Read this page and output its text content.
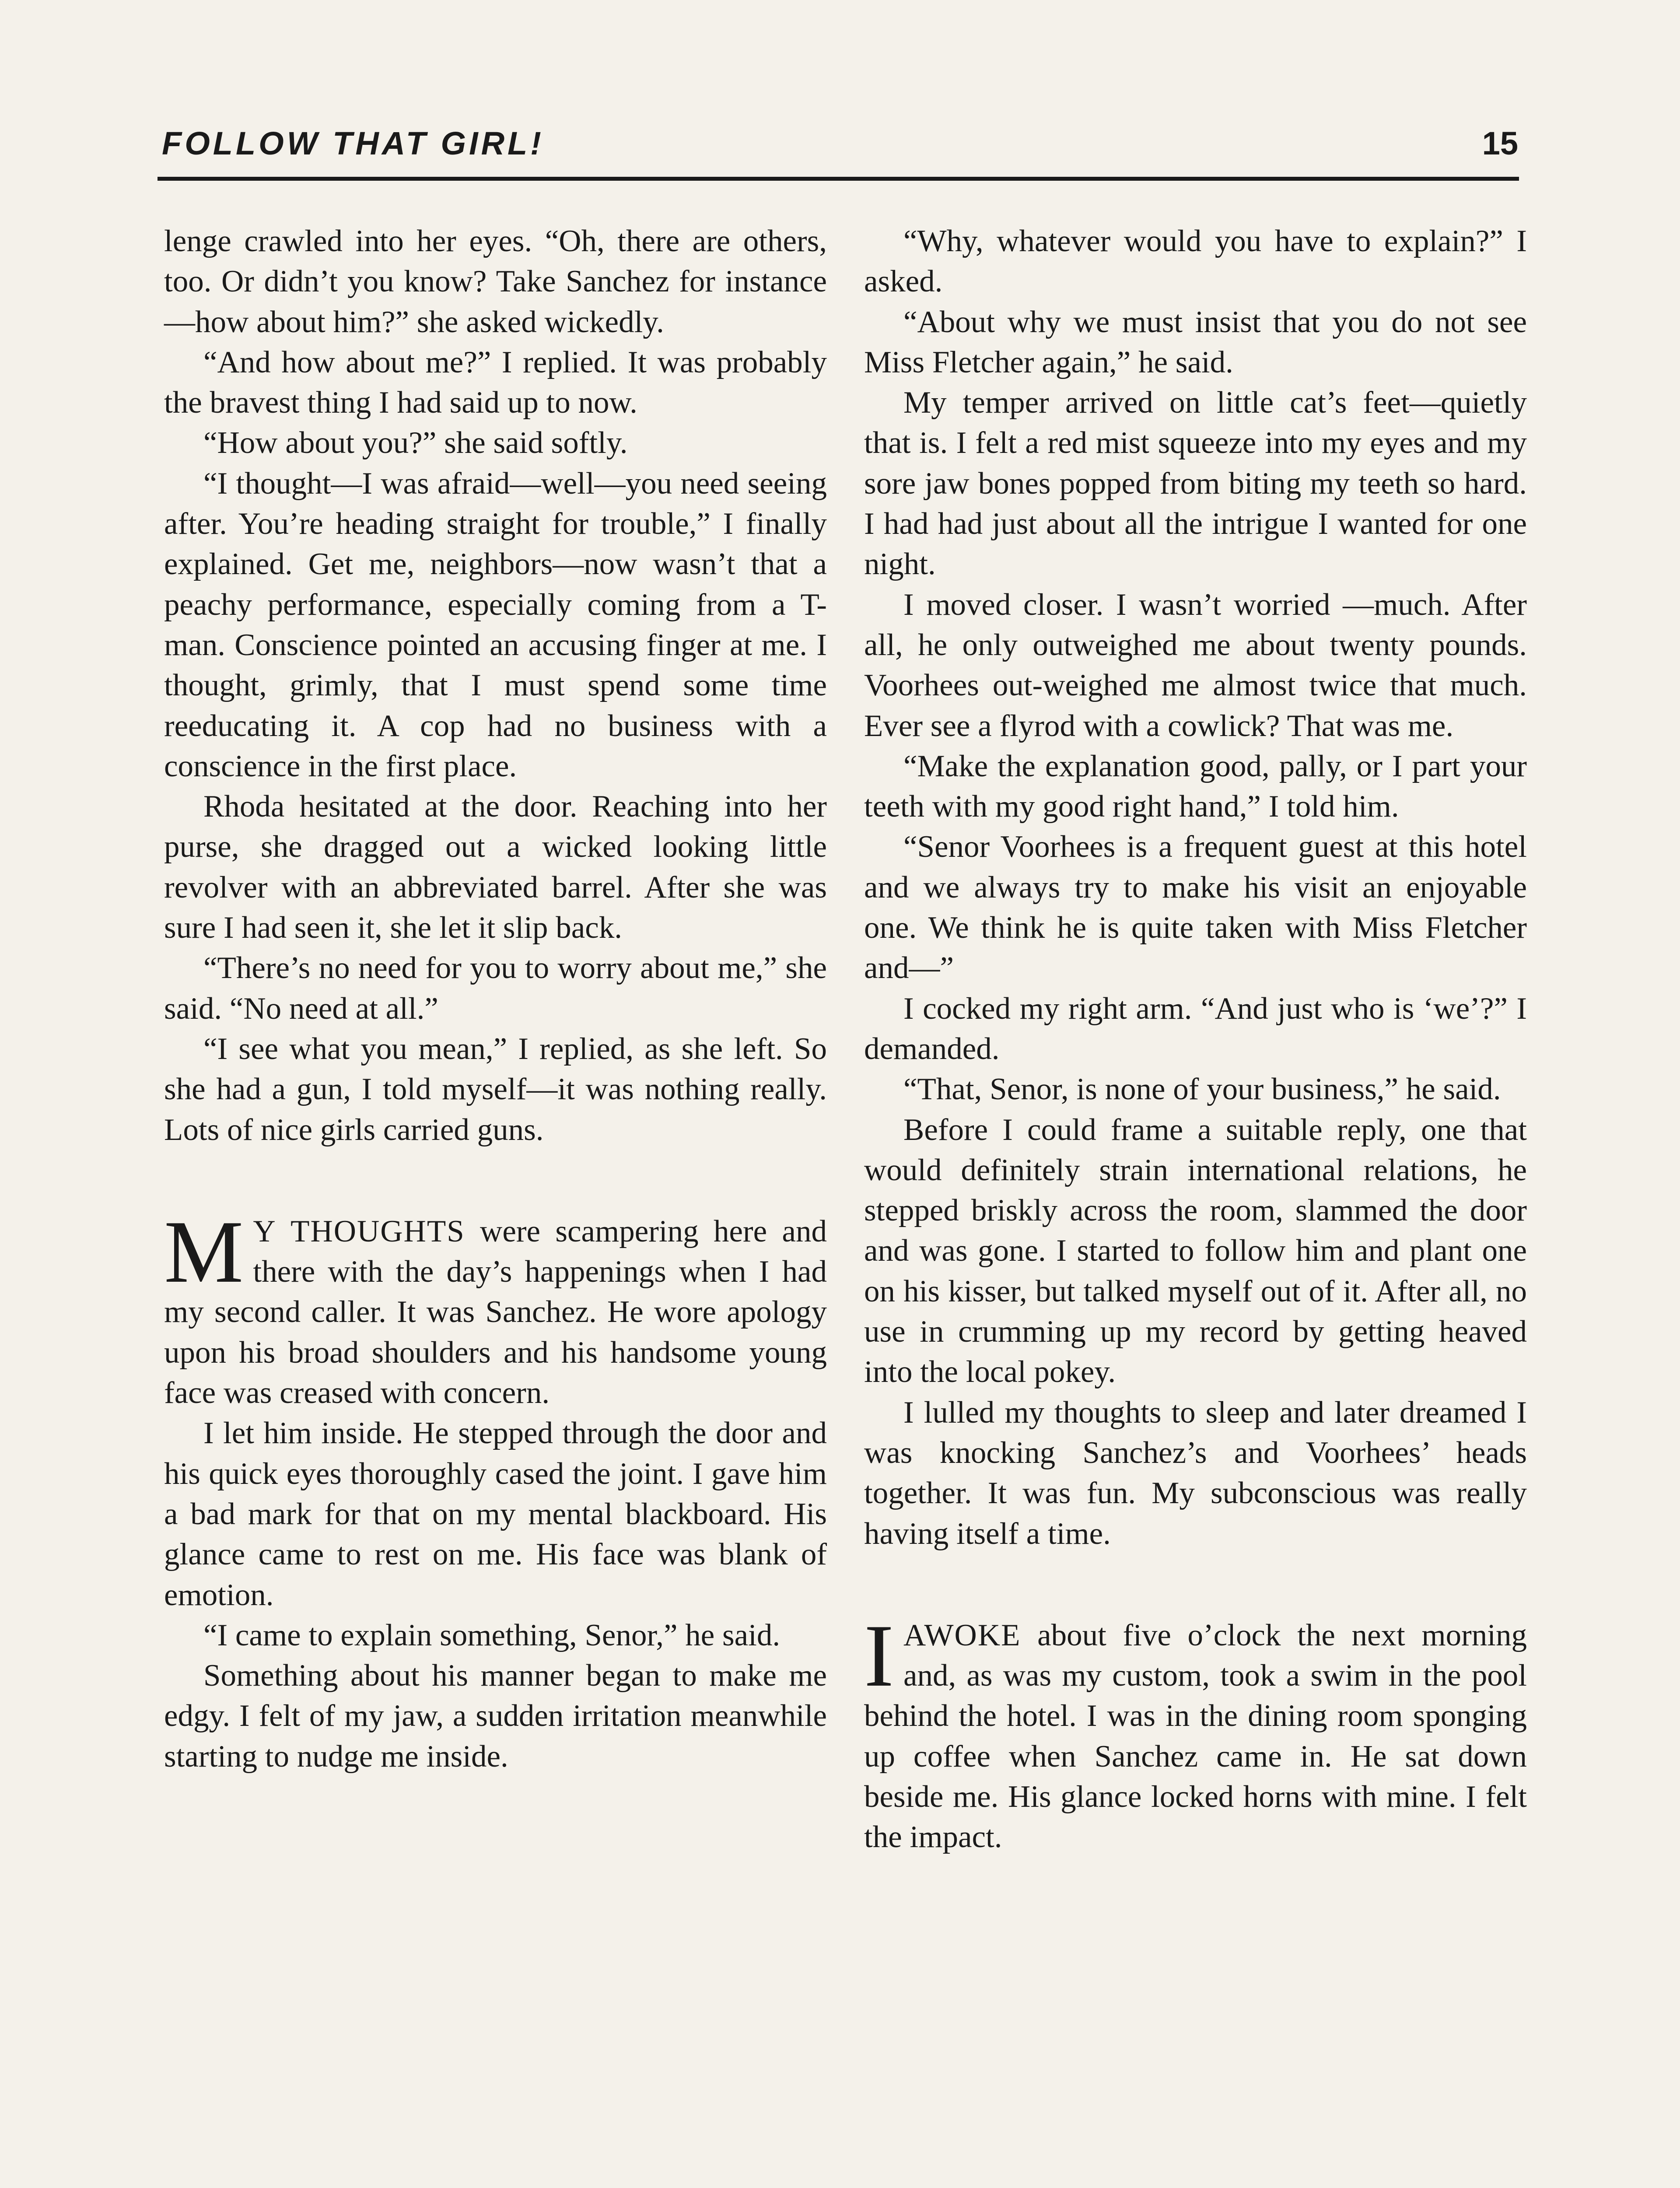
FOLLOW THAT GIRL!	15

lenge crawled into her eyes. “Oh, there are others, too. Or didn’t you know? Take Sanchez for instance—how about him?” she asked wickedly.

“And how about me?” I replied. It was probably the bravest thing I had said up to now.

“How about you?” she said softly.

“I thought—I was afraid—well—you need seeing after. You’re heading straight for trouble,” I finally explained. Get me, neighbors—now wasn’t that a peachy performance, especially coming from a T-man. Conscience pointed an accusing finger at me. I thought, grimly, that I must spend some time reeducating it. A cop had no business with a conscience in the first place.

Rhoda hesitated at the door. Reaching into her purse, she dragged out a wicked looking little revolver with an abbreviated barrel. After she was sure I had seen it, she let it slip back.

“There’s no need for you to worry about me,” she said. “No need at all.”

“I see what you mean,” I replied, as she left. So she had a gun, I told myself—it was nothing really. Lots of nice girls carried guns.

M Y THOUGHTS were scampering here and there with the day’s happenings when I had my second caller. It was Sanchez. He wore apology upon his broad shoulders and his handsome young face was creased with concern.

I let him inside. He stepped through the door and his quick eyes thoroughly cased the joint. I gave him a bad mark for that on my mental blackboard. His glance came to rest on me. His face was blank of emotion.

“I came to explain something, Senor,” he said.

Something about his manner began to make me edgy. I felt of my jaw, a sudden irritation meanwhile starting to nudge me inside.

“Why, whatever would you have to explain?” I asked.

“About why we must insist that you do not see Miss Fletcher again,” he said.

My temper arrived on little cat’s feet—quietly that is. I felt a red mist squeeze into my eyes and my sore jaw bones popped from biting my teeth so hard. I had had just about all the intrigue I wanted for one night.

I moved closer. I wasn’t worried —much. After all, he only outweighed me about twenty pounds. Voorhees out-weighed me almost twice that much. Ever see a flyrod with a cowlick? That was me.

“Make the explanation good, pally, or I part your teeth with my good right hand,” I told him.

“Senor Voorhees is a frequent guest at this hotel and we always try to make his visit an enjoyable one. We think he is quite taken with Miss Fletcher and—”

I cocked my right arm. “And just who is ‘we’?” I demanded.

“That, Senor, is none of your business,” he said.

Before I could frame a suitable reply, one that would definitely strain international relations, he stepped briskly across the room, slammed the door and was gone. I started to follow him and plant one on his kisser, but talked myself out of it. After all, no use in crumming up my record by getting heaved into the local pokey.

I lulled my thoughts to sleep and later dreamed I was knocking Sanchez’s and Voorhees’ heads together. It was fun. My subconscious was really having itself a time.

IAWOKE about five o’clock the next morning and, as was my custom, took a swim in the pool behind the hotel. I was in the dining room sponging up coffee when Sanchez came in. He sat down beside me. His glance locked horns with mine. I felt the impact.
